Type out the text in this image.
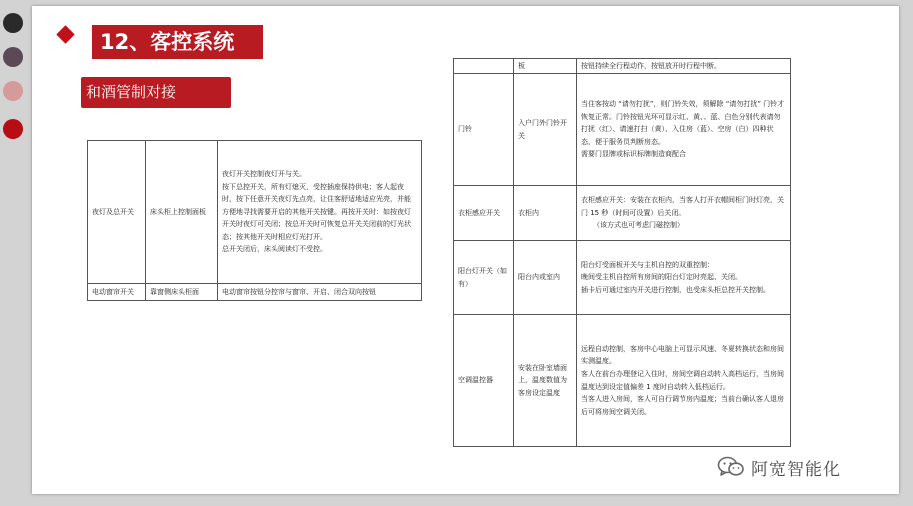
12、客控系统
和酒管制对接
夜灯及总开关	床头柜上控制面板	夜灯开关控制夜灯开与关。
按下总控开关，所有灯熄灭，受控插座保持供电；客人起夜时，按下任意开关夜灯先点亮，让住客舒适地适应光亮，并能方便地寻找需要开启的其他开关按键。再按开关时：如按夜灯开关时夜灯可关闭；按总开关时可恢复总开关关闭前的灯光状态；按其他开关时相应灯光打开。
总开关闭后，床头阅读灯不受控。

电动窗帘开关	靠窗侧床头柜面	电动窗帘按钮分控帘与窗帘、开启、闭合双向按钮
	板	按钮持续全行程动作，按钮放开时行程中断。

门铃	入户门外门铃开关	当住客按动 “请勿打扰”，则门铃失效，须解除 “请勿打扰” 门铃才恢复正常。门铃按钮光环可显示红、黄、、蓝、白色分别代表请勿打扰（红）、请速打扫（黄）、入住房（蓝）、空房（白）四种状态，便于服务员判断房态。
需要门显牌或标识标牌制造商配合

衣柜感应开关	衣柜内	衣柜感应开关：安装在衣柜内，当客人打开衣帽间柜门时灯亮，关门 15 秒（时间可设置）后关闭。
（该方式也可考虑门磁控制）

阳台灯开关（如有）	阳台内或室内	阳台灯受面板开关与主机自控的双重控制：
晚间受主机自控所有房间的阳台灯定时亮起、关闭。
插卡后可通过室内开关进行控制，也受床头柜总控开关控制。

空调温控器	安装在卧室墙面上，温度数值为客房设定温度	远程自动控制，客房中心电脑上可显示风速、冬夏转换状态和房间实测温度。
客人在前台办理登记入住时，房间空调自动转入高档运行，当房间温度达到设定值偏差 1 度时自动转入低档运行。
当客人进入房间，客人可自行调节房内温度；当前台确认客人退房后可将房间空调关闭。
阿宽智能化
